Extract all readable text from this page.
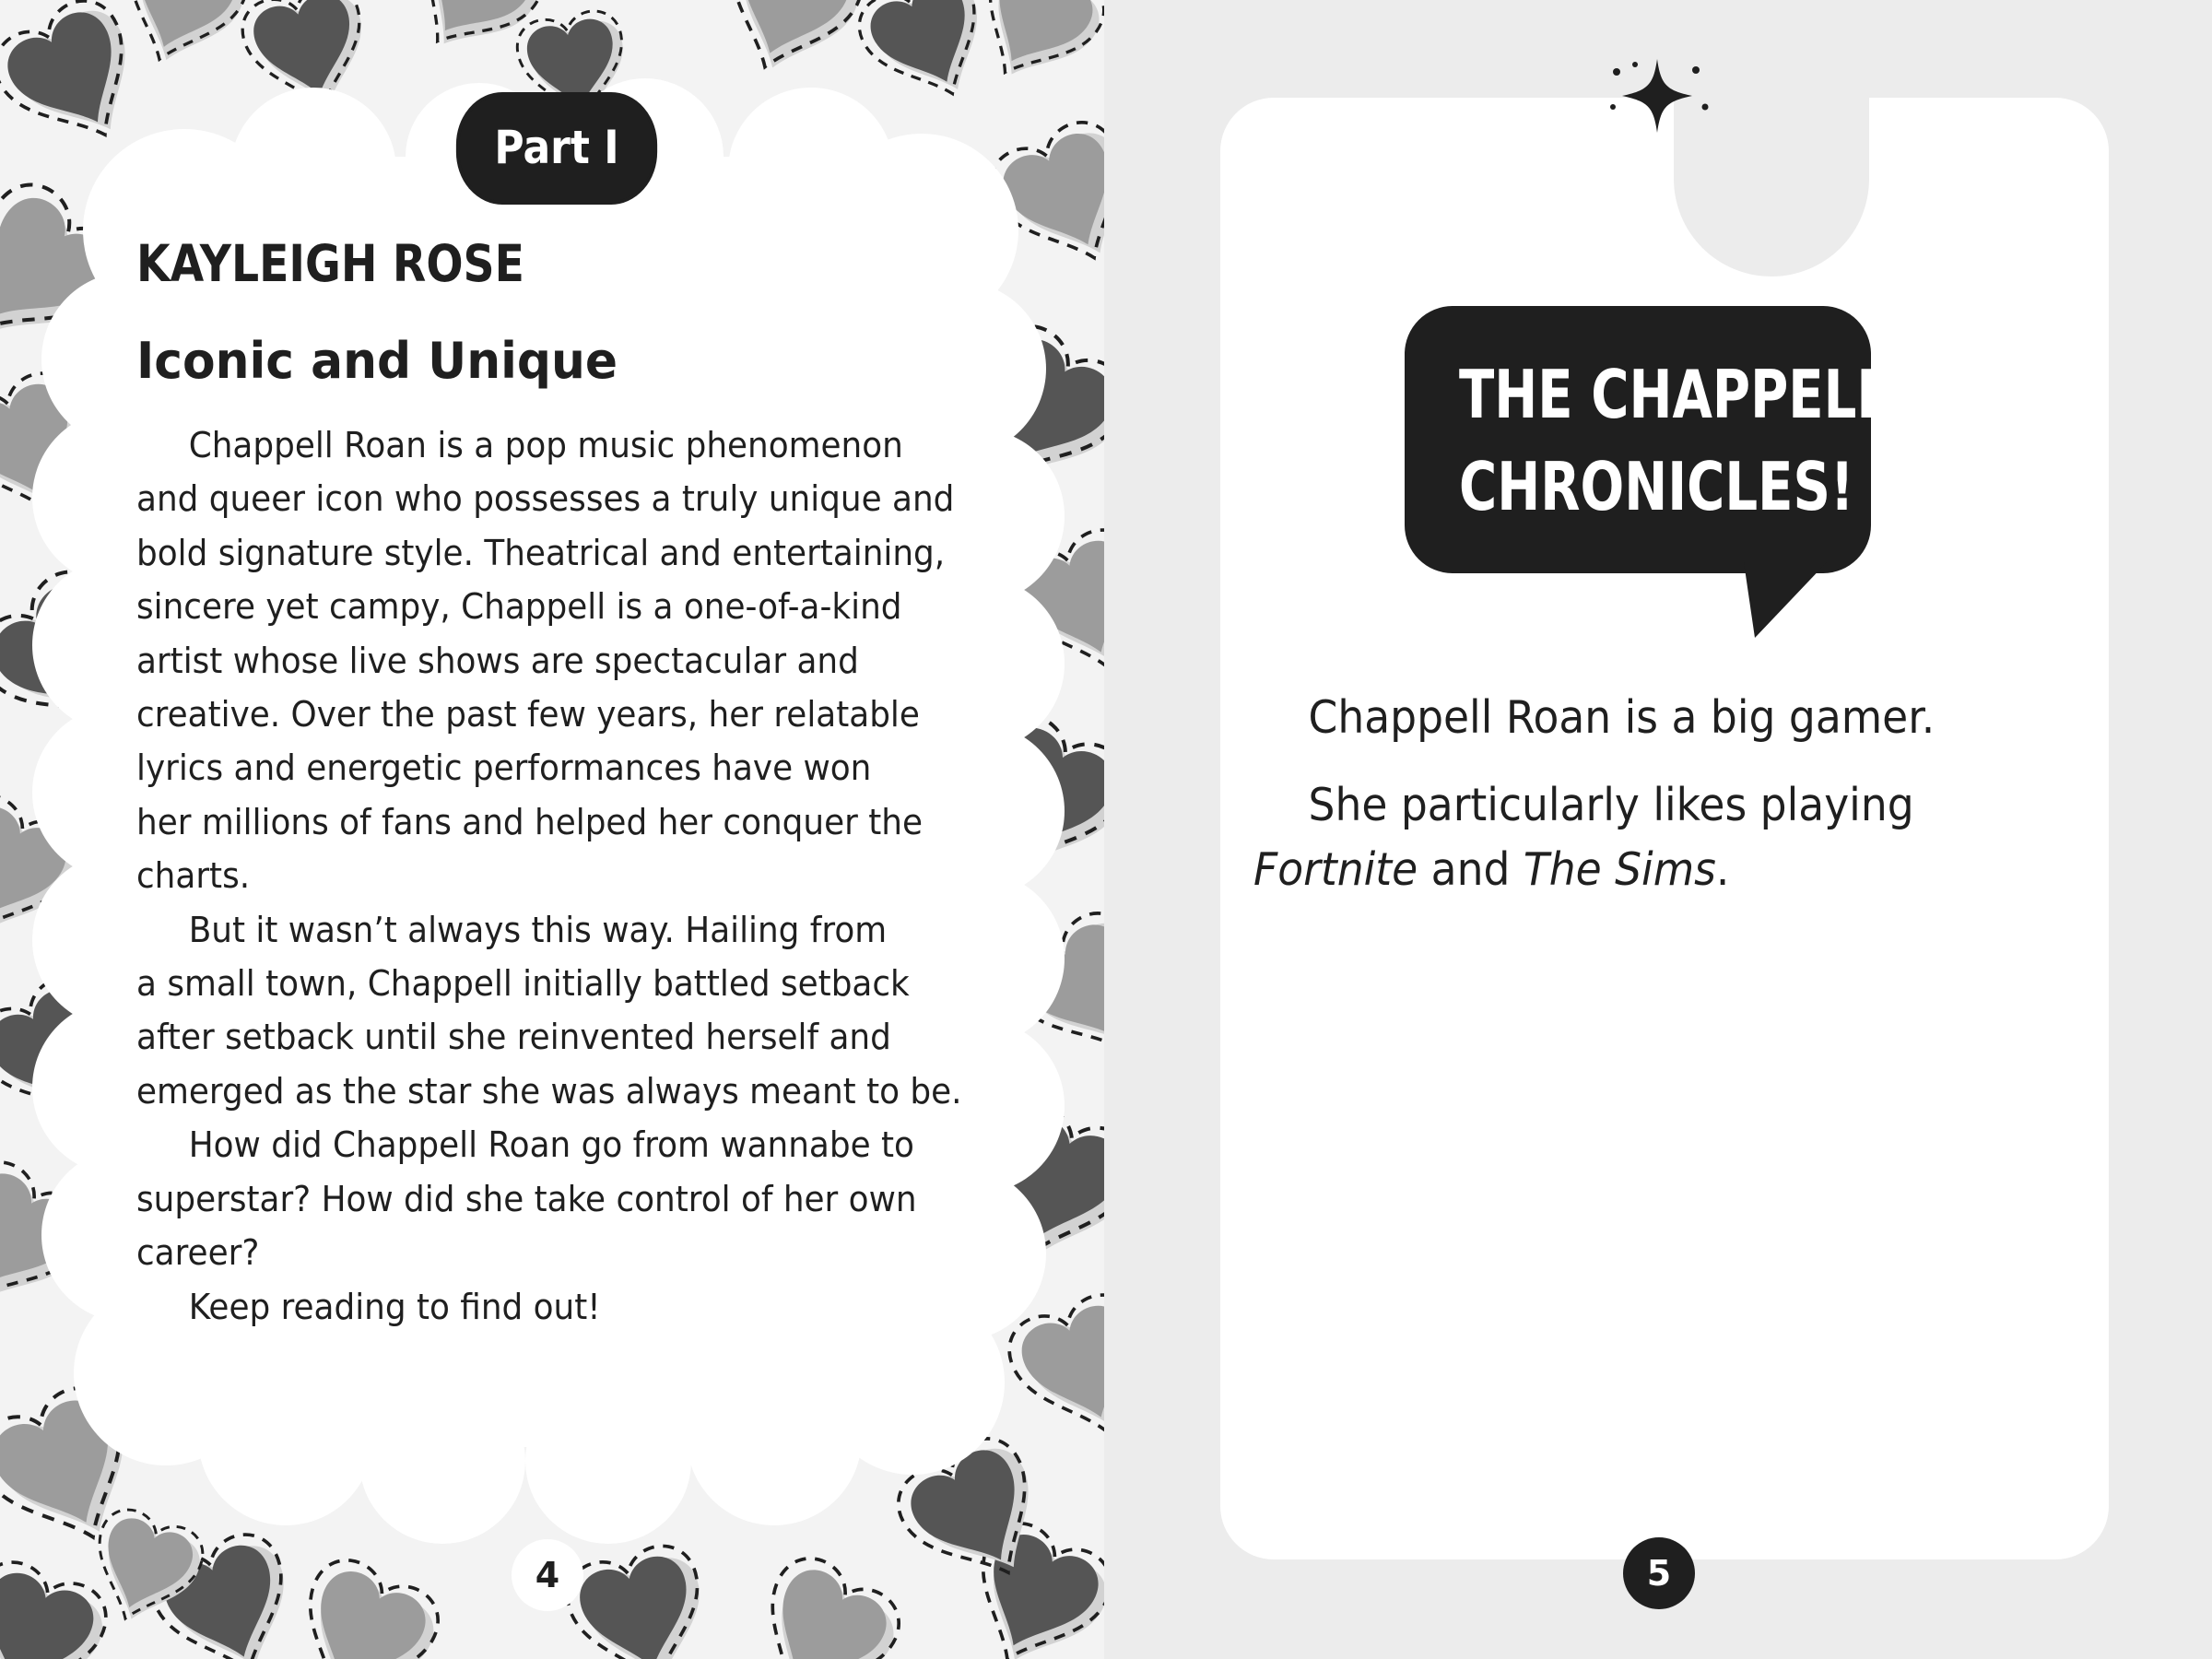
Part I
KAYLEIGH ROSE
Iconic and Unique
Chappell Roan is a pop music phenomenon
and queer icon who possesses a truly unique and
bold signature style. Theatrical and entertaining,
sincere yet campy, Chappell is a one-of-a-kind
artist whose live shows are spectacular and
creative. Over the past few years, her relatable
lyrics and energetic performances have won
her millions of fans and helped her conquer the
charts.
But it wasn’t always this way. Hailing from
a small town, Chappell initially battled setback
after setback until she reinvented herself and
emerged as the star she was always meant to be.
How did Chappell Roan go from wannabe to
superstar? How did she take control of her own
career?
Keep reading to find out!
4
THE CHAPPELL
CHRONICLES!
Chappell Roan is a big gamer.
She particularly likes playing
Fortnite and The Sims.
5
